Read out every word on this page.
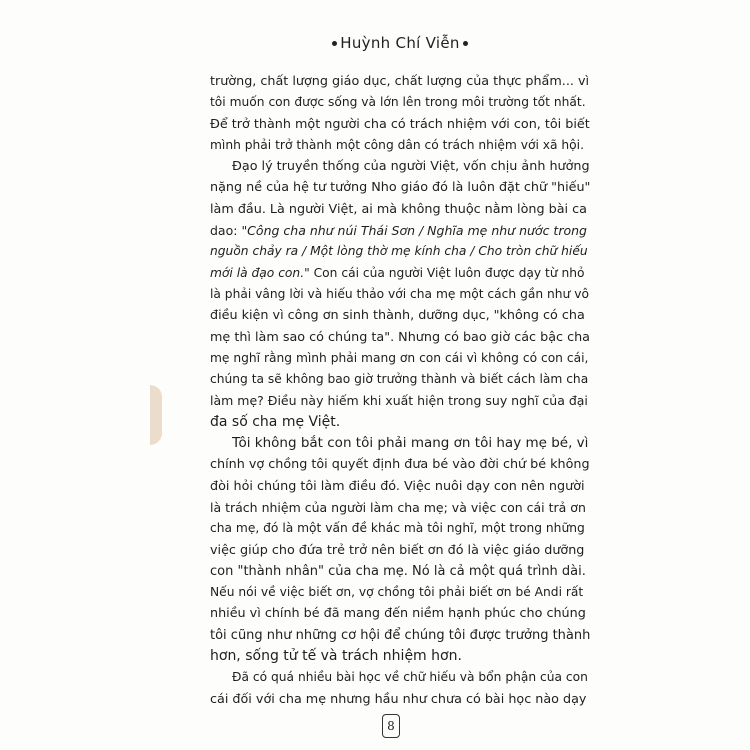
Huỳnh Chí Viễn

trường, chất lượng giáo dục, chất lượng của thực phẩm... vì
tôi muốn con được sống và lớn lên trong môi trường tốt nhất.
Để trở thành một người cha có trách nhiệm với con, tôi biết
mình phải trở thành một công dân có trách nhiệm với xã hội.

Đạo lý truyền thống của người Việt, vốn chịu ảnh hưởng
nặng nề của hệ tư tưởng Nho giáo đó là luôn đặt chữ "hiếu"
làm đầu. Là người Việt, ai mà không thuộc nằm lòng bài ca
dao: "Công cha như núi Thái Sơn / Nghĩa mẹ như nước trong
nguồn chảy ra / Một lòng thờ mẹ kính cha / Cho tròn chữ hiếu
mới là đạo con." Con cái của người Việt luôn được dạy từ nhỏ
là phải vâng lời và hiếu thảo với cha mẹ một cách gần như vô
điều kiện vì công ơn sinh thành, dưỡng dục, "không có cha
mẹ thì làm sao có chúng ta". Nhưng có bao giờ các bậc cha
mẹ nghĩ rằng mình phải mang ơn con cái vì không có con cái,
chúng ta sẽ không bao giờ trưởng thành và biết cách làm cha
làm mẹ? Điều này hiếm khi xuất hiện trong suy nghĩ của đại
đa số cha mẹ Việt.

Tôi không bắt con tôi phải mang ơn tôi hay mẹ bé, vì
chính vợ chồng tôi quyết định đưa bé vào đời chứ bé không
đòi hỏi chúng tôi làm điều đó. Việc nuôi dạy con nên người
là trách nhiệm của người làm cha mẹ; và việc con cái trả ơn
cha mẹ, đó là một vấn đề khác mà tôi nghĩ, một trong những
việc giúp cho đứa trẻ trở nên biết ơn đó là việc giáo dưỡng
con "thành nhân" của cha mẹ. Nó là cả một quá trình dài.
Nếu nói về việc biết ơn, vợ chồng tôi phải biết ơn bé Andi rất
nhiều vì chính bé đã mang đến niềm hạnh phúc cho chúng
tôi cũng như những cơ hội để chúng tôi được trưởng thành
hơn, sống tử tế và trách nhiệm hơn.

Đã có quá nhiều bài học về chữ hiếu và bổn phận của con
cái đối với cha mẹ nhưng hầu như chưa có bài học nào dạy

8
